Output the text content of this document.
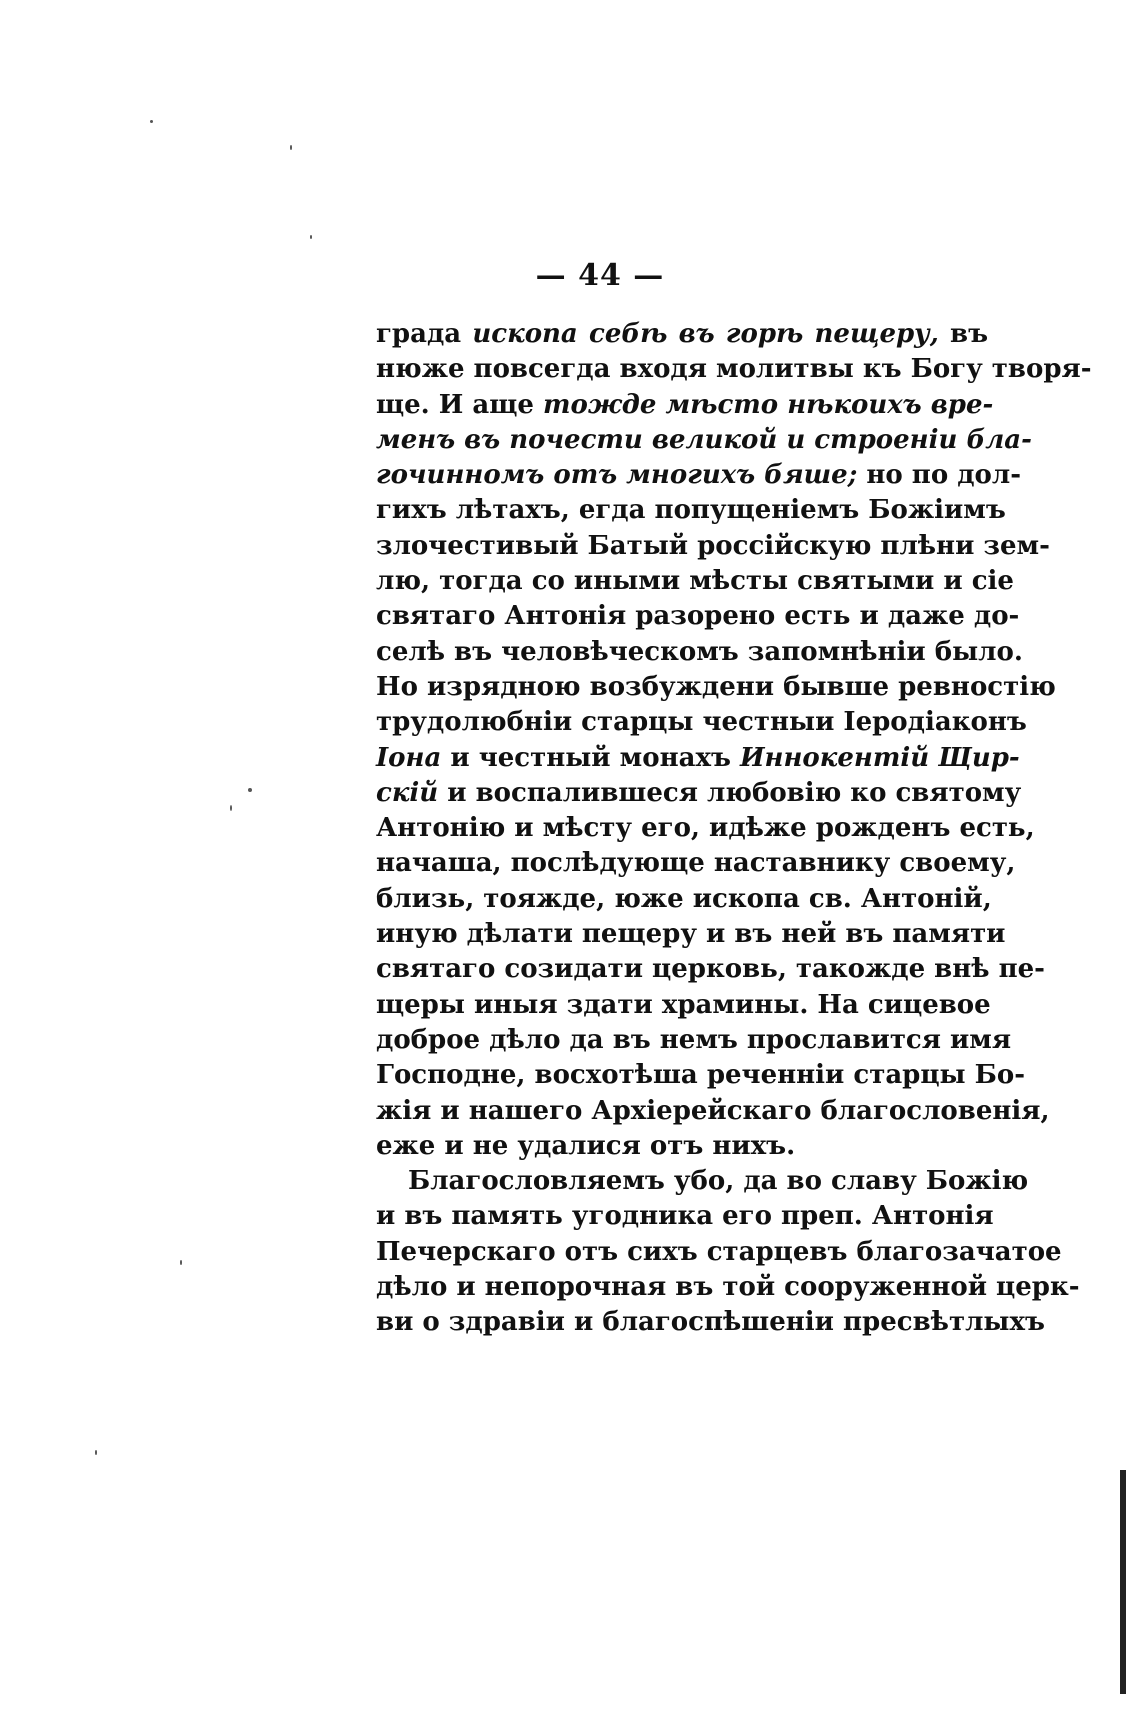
— 44 —
града ископа себѣ въ горѣ пещеру, въ
нюже повсегда входя молитвы къ Богу творя-
ще. И аще тождe мѣсто нѣкоихъ вре-
менъ въ почести великой и строенiи бла-
гочинномъ отъ многихъ бяше; но по дол-
гихъ лѣтахъ, егда попущенiемъ Божiимъ
злочестивый Батый россiйскую плѣни зем-
лю, тогда со иными мѣсты святыми и сiе
святаго Антонiя разорено есть и даже до-
селѣ въ человѣческомъ запомнѣнiи было.
Но изрядною возбуждени бывше ревностiю
трудолюбнiи старцы честныи Iеродiаконъ
Iона и честный монахъ Иннокентiй Щир-
скiй и воспалившеся любовiю ко святому
Антонiю и мѣсту его, идѣже рожденъ есть,
начаша, послѣдующе наставнику своему,
близь, тояжде, юже ископа св. Антонiй,
иную дѣлати пещеру и въ ней въ памяти
святаго созидати церковь, такожде внѣ пе-
щеры иныя здати храмины. На сицевое
доброе дѣло да въ немъ прославится имя
Господне, восхотѣша реченнiи старцы Бо-
жiя и нашего Архiерейскаго благословенiя,
еже и не удалися отъ нихъ.
Благословляемъ убо, да во славу Божiю
и въ память угодника его преп. Антонiя
Печерскаго отъ сихъ старцевъ благозачатое
дѣло и непорочная въ той сооруженной церк-
ви о здравiи и благоспѣшенiи пресвѣтлыхъ
